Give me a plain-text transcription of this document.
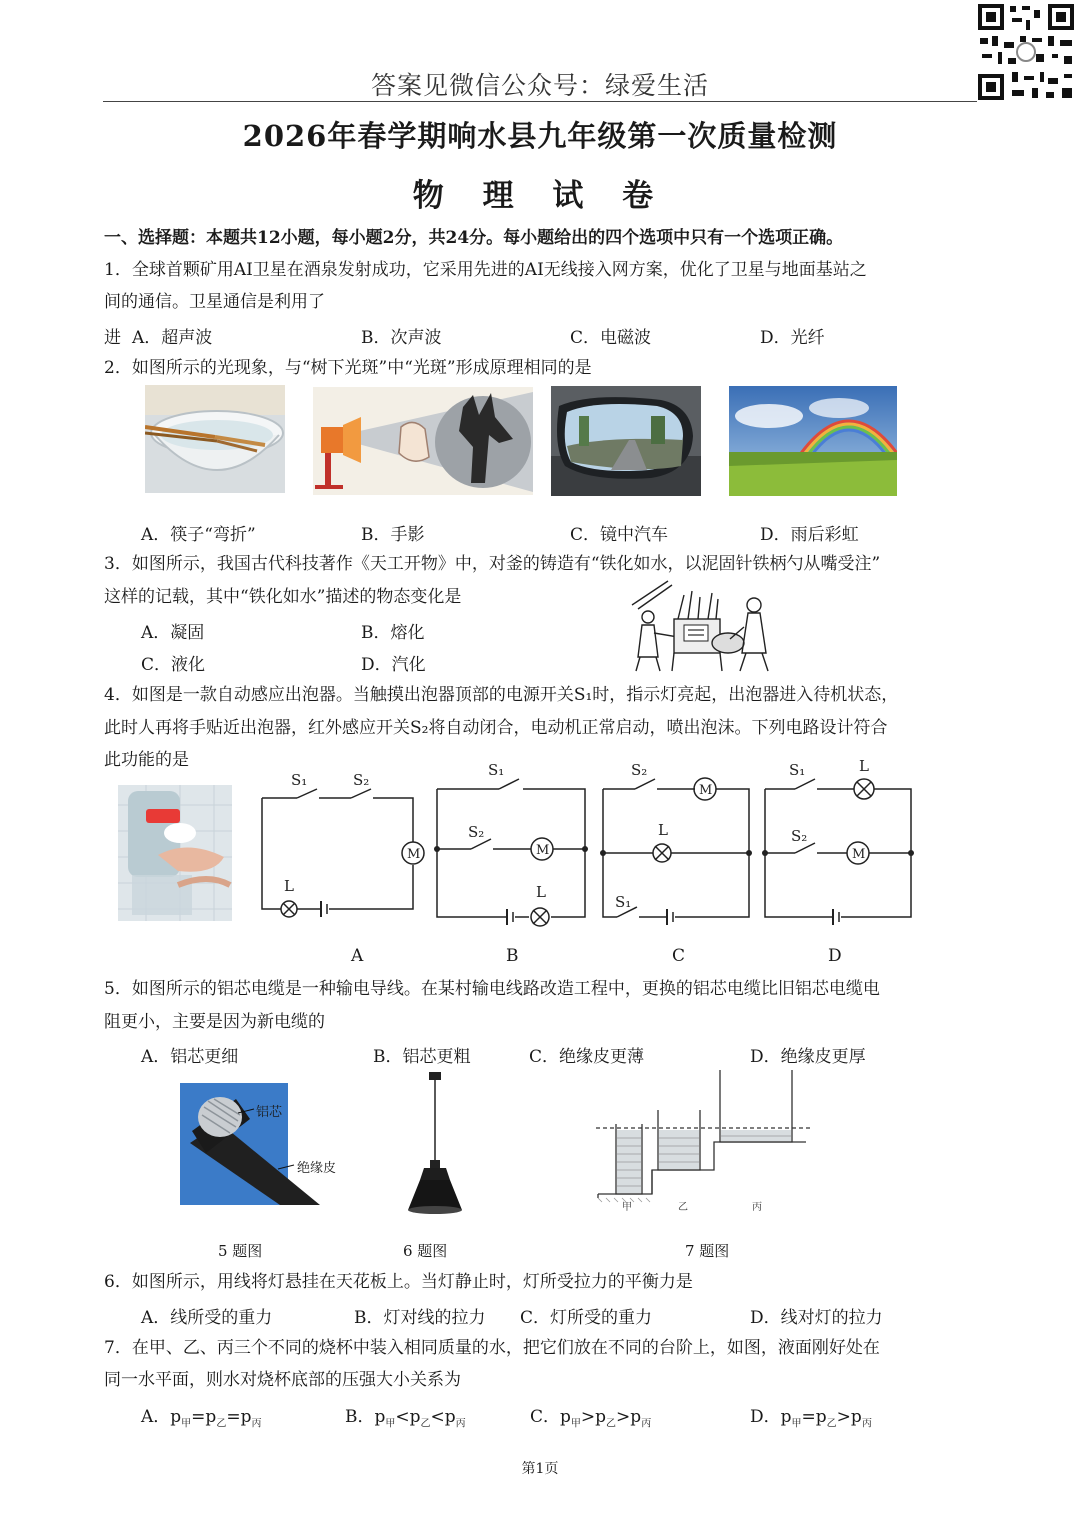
答案见微信公众号：绿爱生活
2026年春学期响水县九年级第一次质量检测
物 理 试 卷
一、选择题：本题共12小题，每小题2分，共24分。每小题给出的四个选项中只有一个选项正确。
1．全球首颗矿用AI卫星在酒泉发射成功，它采用先进的AI无线接入网方案，优化了卫星与地面基站之
间的通信。卫星通信是利用了
进 A．超声波	B．次声波	C．电磁波	D．光纤
2．如图所示的光现象，与“树下光斑”中“光斑”形成原理相同的是
A．筷子“弯折”	B．手影	C．镜中汽车	D．雨后彩虹
3．如图所示，我国古代科技著作《天工开物》中，对釜的铸造有“铁化如水，以泥固针铁柄勺从嘴受注”
这样的记载，其中“铁化如水”描述的物态变化是
A．凝固	B．熔化
C．液化	D．汽化
4．如图是一款自动感应出泡器。当触摸出泡器顶部的电源开关S₁时，指示灯亮起，出泡器进入待机状态，
此时人再将手贴近出泡器，红外感应开关S₂将自动闭合，电动机正常启动，喷出泡沫。下列电路设计符合
此功能的是
S₁	S₂
L
M
S₁
S₂
L
M
S₂
S₁
L
M
S₁
S₂
L
M
A	B	C	D
5．如图所示的铝芯电缆是一种输电导线。在某村输电线路改造工程中，更换的铝芯电缆比旧铝芯电缆电
阻更小，主要是因为新电缆的
A．铝芯更细	B．铝芯更粗	C．绝缘皮更薄	D．绝缘皮更厚
铝芯
绝缘皮
甲	乙	丙
5 题图	6 题图	7 题图
6．如图所示，用线将灯悬挂在天花板上。当灯静止时，灯所受拉力的平衡力是
A．线所受的重力	B．灯对线的拉力 C．灯所受的重力	D．线对灯的拉力
7．在甲、乙、丙三个不同的烧杯中装入相同质量的水，把它们放在不同的台阶上，如图，液面刚好处在
同一水平面，则水对烧杯底部的压强大小关系为
A．$p_甲=p_乙=p_丙$	B．$p_甲<p_乙<p_丙$	C．$p_甲>p_乙>p_丙$	D．$p_甲=p_乙>p_丙$
第1页
